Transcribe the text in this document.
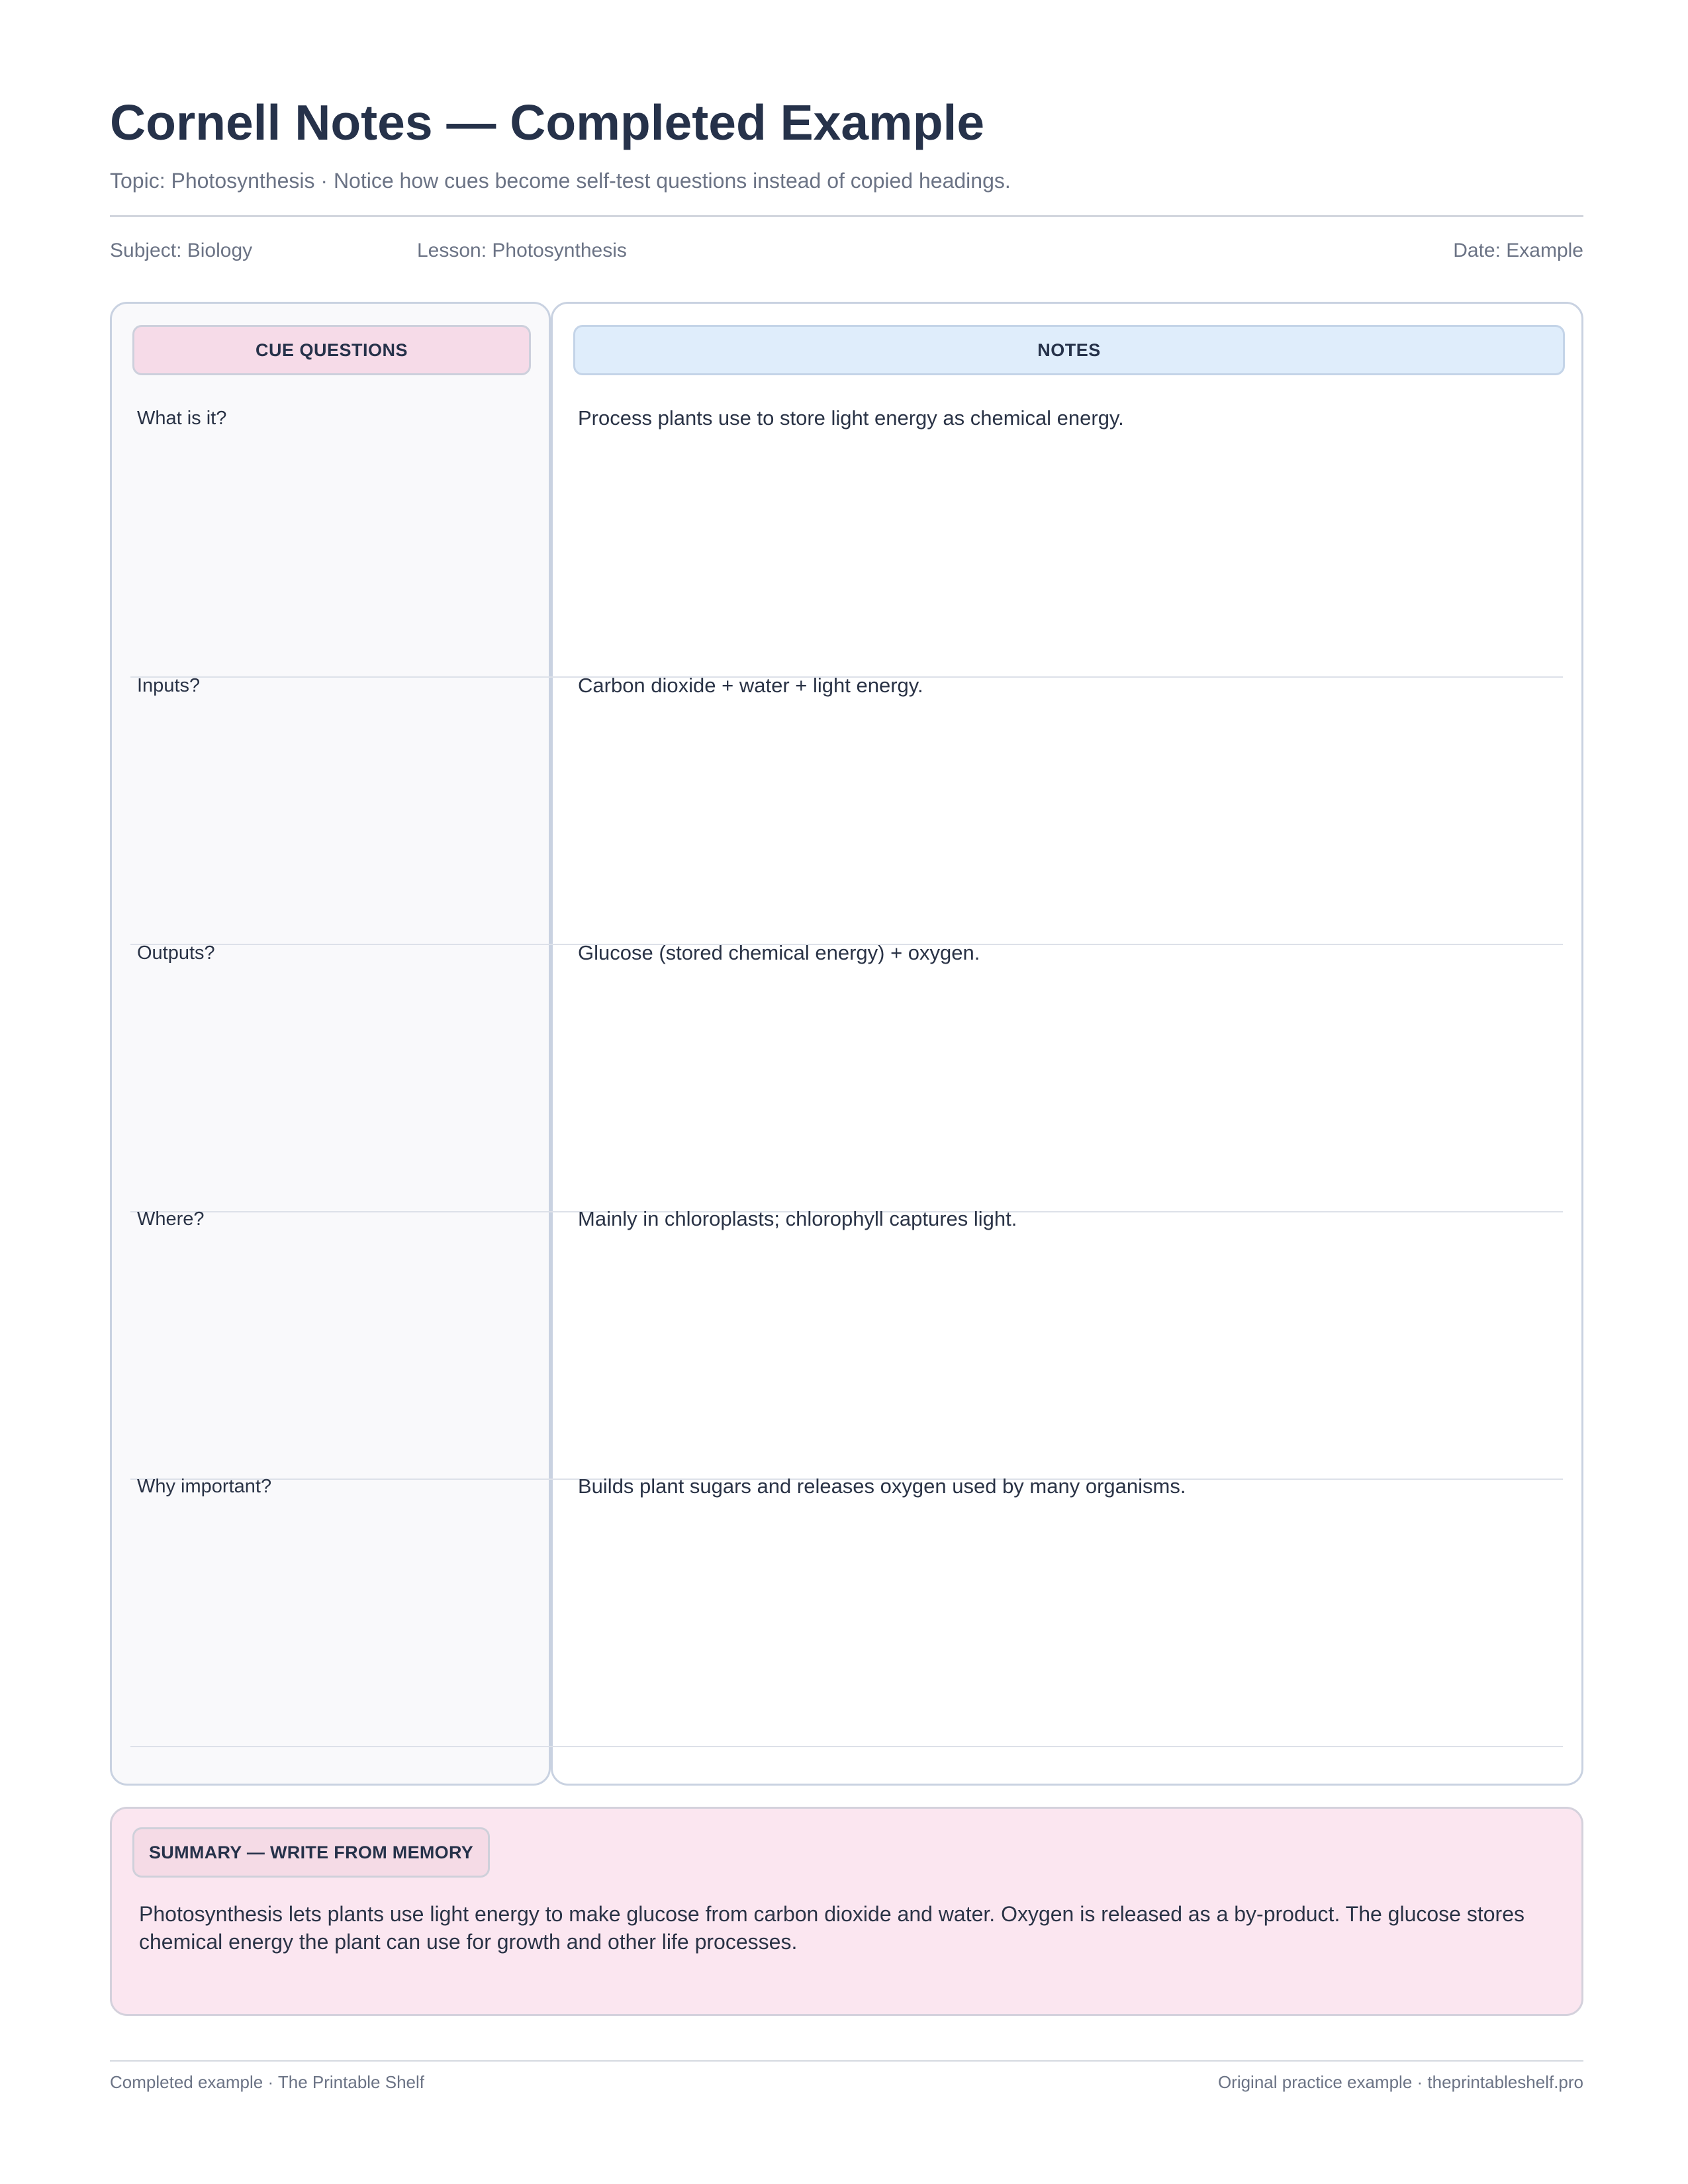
Cornell Notes — Completed Example
Topic: Photosynthesis · Notice how cues become self-test questions instead of copied headings.
Subject: Biology	Lesson: Photosynthesis	Date: Example
CUE QUESTIONS	NOTES
What is it?	Process plants use to store light energy as chemical energy.
Inputs?	Carbon dioxide + water + light energy.
Outputs?	Glucose (stored chemical energy) + oxygen.
Where?	Mainly in chloroplasts; chlorophyll captures light.
Why important?	Builds plant sugars and releases oxygen used by many organisms.
SUMMARY — WRITE FROM MEMORY
Photosynthesis lets plants use light energy to make glucose from carbon dioxide and water. Oxygen is released as a by-product. The glucose stores chemical energy the plant can use for growth and other life processes.
Completed example · The Printable Shelf	Original practice example · theprintableshelf.pro
